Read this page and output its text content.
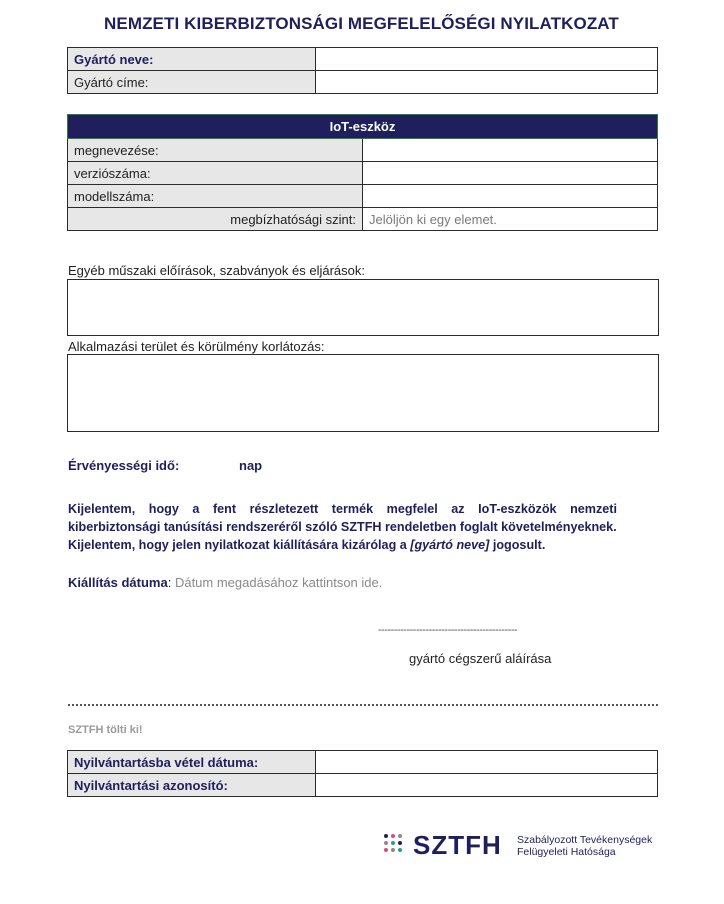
NEMZETI KIBERBIZTONSÁGI MEGFELELŐSÉGI NYILATKOZAT
Gyártó neve:	
Gyártó címe:	
IoT-eszköz	
megnevezése:	
verziószáma:	
modellszáma:	
megbízhatósági szint:	Jelöljön ki egy elemet.
Egyéb műszaki előírások, szabványok és eljárások:
Alkalmazási terület és körülmény korlátozás:
Érvényességi idő:	nap

Kijelentem, hogy a fent részletezett termék megfelel az IoT-eszközök nemzeti

kiberbiztonsági tanúsítási rendszeréről szóló SZTFH rendeletben foglalt követelményeknek.

Kijelentem, hogy jelen nyilatkozat kiállítására kizárólag a [gyártó neve] jogosult.

Kiállítás dátuma: Dátum megadásához kattintson ide.
--------------------------------------------
gyártó cégszerű aláírása
SZTFH tölti ki!
Nyilvántartásba vétel dátuma:	
Nyilvántartási azonosító:	
SZTFH Szabályozott Tevékenységek
Felügyeleti Hatósága
